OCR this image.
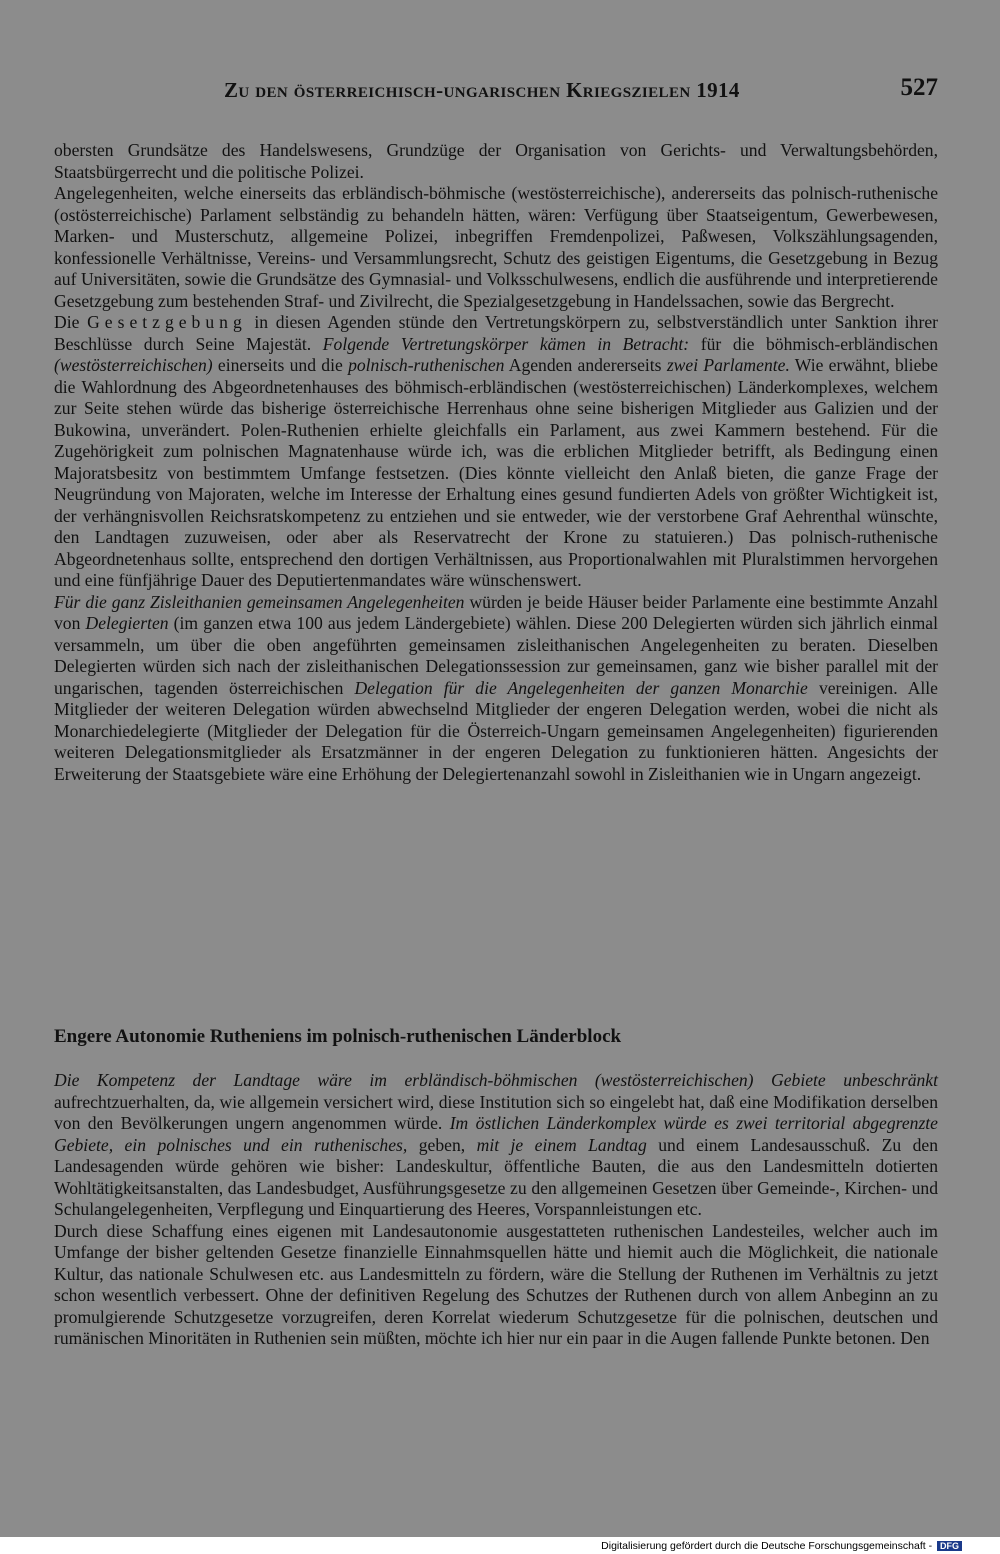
Zu den österreichisch-ungarischen Kriegszielen 1914	527

obersten Grundsätze des Handelswesens, Grundzüge der Organisation von Gerichts- und Verwaltungsbehörden, Staatsbürgerrecht und die politische Polizei.

Angelegenheiten, welche einerseits das erbländisch-böhmische (westösterreichische), andererseits das polnisch-ruthenische (ostösterreichische) Parlament selbständig zu behandeln hätten, wären: Verfügung über Staatseigentum, Gewerbewesen, Marken- und Musterschutz, allgemeine Polizei, inbegriffen Fremdenpolizei, Paßwesen, Volkszählungsagenden, konfessionelle Verhältnisse, Vereins- und Versammlungsrecht, Schutz des geistigen Eigentums, die Gesetzgebung in Bezug auf Universitäten, sowie die Grundsätze des Gymnasial- und Volksschulwesens, endlich die ausführende und interpretierende Gesetzgebung zum bestehenden Straf- und Zivilrecht, die Spezialgesetzgebung in Handelssachen, sowie das Bergrecht.

Die Gesetzgebung in diesen Agenden stünde den Vertretungskörpern zu, selbstverständlich unter Sanktion ihrer Beschlüsse durch Seine Majestät. Folgende Vertretungskörper kämen in Betracht: für die böhmisch-erbländischen (westösterreichischen) einerseits und die polnisch-ruthenischen Agenden andererseits zwei Parlamente. Wie erwähnt, bliebe die Wahlordnung des Abgeordnetenhauses des böhmisch-erbländischen (westösterreichischen) Länderkomplexes, welchem zur Seite stehen würde das bisherige österreichische Herrenhaus ohne seine bisherigen Mitglieder aus Galizien und der Bukowina, unverändert. Polen-Ruthenien erhielte gleichfalls ein Parlament, aus zwei Kammern bestehend. Für die Zugehörigkeit zum polnischen Magnatenhause würde ich, was die erblichen Mitglieder betrifft, als Bedingung einen Majoratsbesitz von bestimmtem Umfange festsetzen. (Dies könnte vielleicht den Anlaß bieten, die ganze Frage der Neugründung von Majoraten, welche im Interesse der Erhaltung eines gesund fundierten Adels von größter Wichtigkeit ist, der verhängnisvollen Reichsratskompetenz zu entziehen und sie entweder, wie der verstorbene Graf Aehrenthal wünschte, den Landtagen zuzuweisen, oder aber als Reservatrecht der Krone zu statuieren.) Das polnisch-ruthenische Abgeordnetenhaus sollte, entsprechend den dortigen Verhältnissen, aus Proportionalwahlen mit Pluralstimmen hervorgehen und eine fünfjährige Dauer des Deputiertenmandates wäre wünschenswert.

Für die ganz Zisleithanien gemeinsamen Angelegenheiten würden je beide Häuser beider Parlamente eine bestimmte Anzahl von Delegierten (im ganzen etwa 100 aus jedem Ländergebiete) wählen. Diese 200 Delegierten würden sich jährlich einmal versammeln, um über die oben angeführten gemeinsamen zisleithanischen Angelegenheiten zu beraten. Dieselben Delegierten würden sich nach der zisleithanischen Delegationssession zur gemeinsamen, ganz wie bisher parallel mit der ungarischen, tagenden österreichischen Delegation für die Angelegenheiten der ganzen Monarchie vereinigen. Alle Mitglieder der weiteren Delegation würden abwechselnd Mitglieder der engeren Delegation werden, wobei die nicht als Monarchiedelegierte (Mitglieder der Delegation für die Österreich-Ungarn gemeinsamen Angelegenheiten) figurierenden weiteren Delegationsmitglieder als Ersatzmänner in der engeren Delegation zu funktionieren hätten. Angesichts der Erweiterung der Staatsgebiete wäre eine Erhöhung der Delegiertenanzahl sowohl in Zisleithanien wie in Ungarn angezeigt.

Engere Autonomie Rutheniens im polnisch-ruthenischen Länderblock

Die Kompetenz der Landtage wäre im erbländisch-böhmischen (westösterreichischen) Gebiete unbeschränkt aufrechtzuerhalten, da, wie allgemein versichert wird, diese Institution sich so eingelebt hat, daß eine Modifikation derselben von den Bevölkerungen ungern angenommen würde. Im östlichen Länderkomplex würde es zwei territorial abgegrenzte Gebiete, ein polnisches und ein ruthenisches, geben, mit je einem Landtag und einem Landesausschuß. Zu den Landesagenden würde gehören wie bisher: Landeskultur, öffentliche Bauten, die aus den Landesmitteln dotierten Wohltätigkeitsanstalten, das Landesbudget, Ausführungsgesetze zu den allgemeinen Gesetzen über Gemeinde-, Kirchen- und Schulangelegenheiten, Verpflegung und Einquartierung des Heeres, Vorspannleistungen etc.

Durch diese Schaffung eines eigenen mit Landesautonomie ausgestatteten ruthenischen Landesteiles, welcher auch im Umfange der bisher geltenden Gesetze finanzielle Einnahmsquellen hätte und hiemit auch die Möglichkeit, die nationale Kultur, das nationale Schulwesen etc. aus Landesmitteln zu fördern, wäre die Stellung der Ruthenen im Verhältnis zu jetzt schon wesentlich verbessert. Ohne der definitiven Regelung des Schutzes der Ruthenen durch von allem Anbeginn an zu promulgierende Schutzgesetze vorzugreifen, deren Korrelat wiederum Schutzgesetze für die polnischen, deutschen und rumänischen Minoritäten in Ruthenien sein müßten, möchte ich hier nur ein paar in die Augen fallende Punkte betonen. Den

Digitalisierung gefördert durch die Deutsche Forschungsgemeinschaft - DFG
